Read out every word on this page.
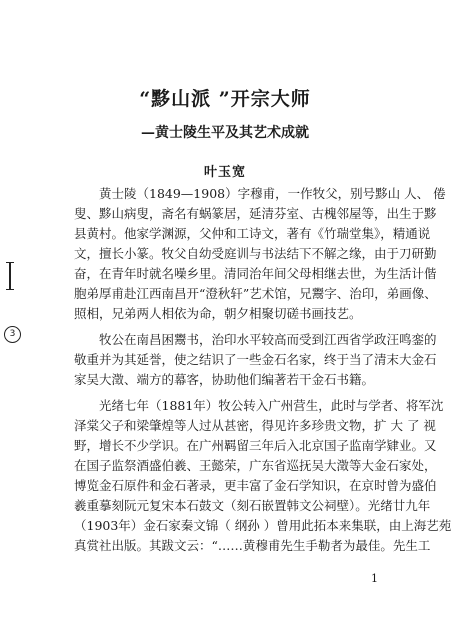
“黟山派 ”开宗大师
—黄士陵生平及其艺术成就
叶玉宽
3
黄士陵（1849—1908）字穆甫，一作牧父，别号黟山 人、 倦
叟、黟山病叟，斋名有蜗篆居，延清芬室、古槐邻屋等，出生于黟
县黄村。他家学渊源，父仲和工诗文，著有《竹瑞堂集》，精通说
文，擅长小篆。牧父自幼受庭训与书法结下不解之缘，由于刀研勤
奋，在青年时就名噪乡里。清同治年间父母相继去世，为生活计偕
胞弟厚甫赴江西南昌开“澄秋轩”艺术馆，兄鬻字、治印，弟画像、
照相，兄弟两人相依为命，朝夕相聚切磋书画技艺。
牧公在南昌困鬻书，治印水平较高而受到江西省学政汪鸣銮的
敬重并为其延誉，使之结识了一些金石名家，终于当了清末大金石
家吴大澂、端方的幕客，协助他们编著若干金石书籍。
光绪七年（1881年）牧公转入广州营生，此时与学者、将军沈
泽棠父子和梁肇煌等人过从甚密，得见许多珍贵文物，扩 大 了 视
野，增长不少学识。在广州羁留三年后入北京国子监南学肄业。又
在国子监祭酒盛伯羲、王懿荣，广东省巡抚吴大澂等大金石家处，
博览金石原件和金石著录，更丰富了金石学知识，在京时曾为盛伯
羲重摹刻阮元复宋本石鼓文（刻石嵌置韩文公祠壁）。光绪廿九年
（1903年）金石家秦文锦（ 纲孙 ）曾用此拓本来集联，由上海艺苑
真赏社出版。其跋文云：“……黄穆甫先生手勒者为最佳。先生工
1
